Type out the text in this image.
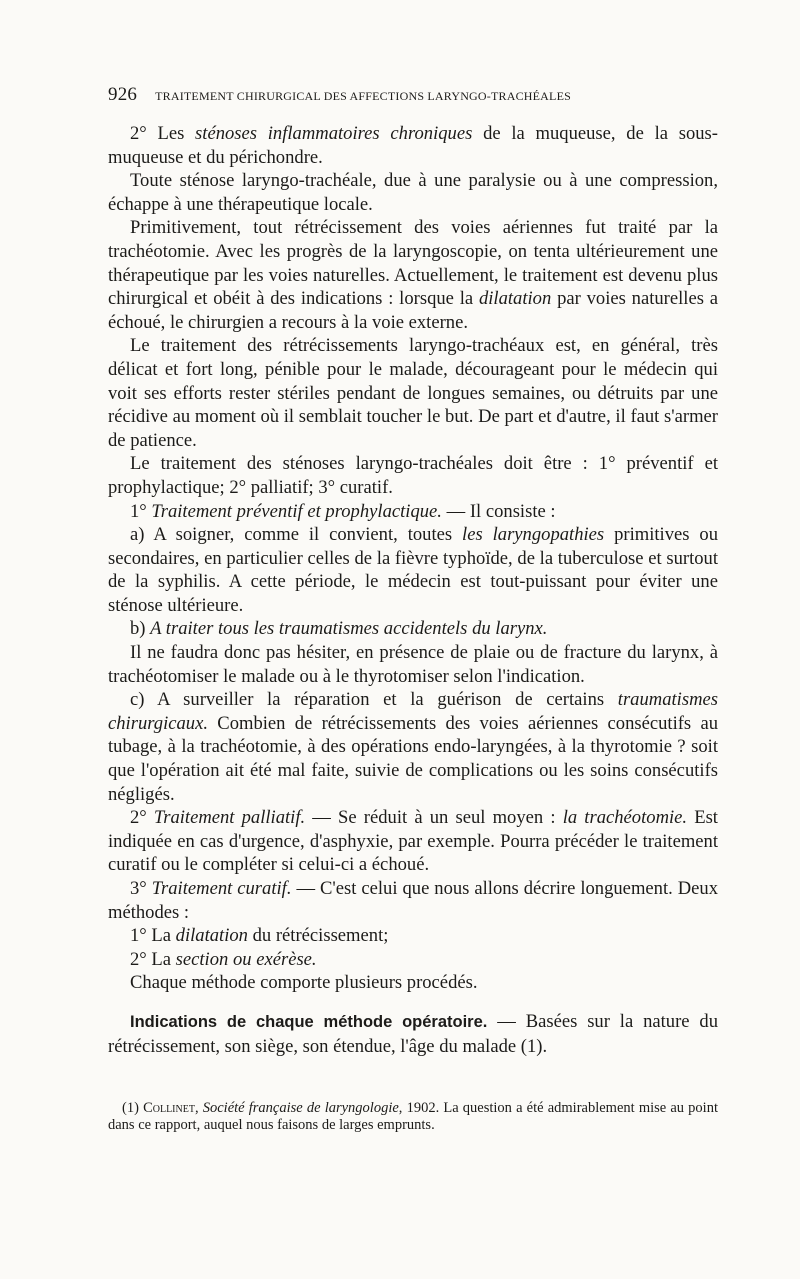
926 TRAITEMENT CHIRURGICAL DES AFFECTIONS LARYNGO-TRACHÉALES

2° Les sténoses inflammatoires chroniques de la muqueuse, de la sous-muqueuse et du périchondre.

Toute sténose laryngo-trachéale, due à une paralysie ou à une compression, échappe à une thérapeutique locale.

Primitivement, tout rétrécissement des voies aériennes fut traité par la trachéotomie. Avec les progrès de la laryngoscopie, on tenta ultérieurement une thérapeutique par les voies naturelles. Actuellement, le traitement est devenu plus chirurgical et obéit à des indications : lorsque la dilatation par voies naturelles a échoué, le chirurgien a recours à la voie externe.

Le traitement des rétrécissements laryngo-trachéaux est, en général, très délicat et fort long, pénible pour le malade, décourageant pour le médecin qui voit ses efforts rester stériles pendant de longues semaines, ou détruits par une récidive au moment où il semblait toucher le but. De part et d'autre, il faut s'armer de patience.

Le traitement des sténoses laryngo-trachéales doit être : 1° préventif et prophylactique; 2° palliatif; 3° curatif.

1° Traitement préventif et prophylactique. — Il consiste :

a) A soigner, comme il convient, toutes les laryngopathies primitives ou secondaires, en particulier celles de la fièvre typhoïde, de la tuberculose et surtout de la syphilis. A cette période, le médecin est tout-puissant pour éviter une sténose ultérieure.

b) A traiter tous les traumatismes accidentels du larynx.

Il ne faudra donc pas hésiter, en présence de plaie ou de fracture du larynx, à trachéotomiser le malade ou à le thyrotomiser selon l'indication.

c) A surveiller la réparation et la guérison de certains traumatismes chirurgicaux. Combien de rétrécissements des voies aériennes consécutifs au tubage, à la trachéotomie, à des opérations endo-laryngées, à la thyrotomie ? soit que l'opération ait été mal faite, suivie de complications ou les soins consécutifs négligés.

2° Traitement palliatif. — Se réduit à un seul moyen : la trachéotomie. Est indiquée en cas d'urgence, d'asphyxie, par exemple. Pourra précéder le traitement curatif ou le compléter si celui-ci a échoué.

3° Traitement curatif. — C'est celui que nous allons décrire longuement. Deux méthodes :

1° La dilatation du rétrécissement;

2° La section ou exérèse.

Chaque méthode comporte plusieurs procédés.

Indications de chaque méthode opératoire. — Basées sur la nature du rétrécissement, son siège, son étendue, l'âge du malade (1).

(1) Collinet, Société française de laryngologie, 1902. La question a été admirablement mise au point dans ce rapport, auquel nous faisons de larges emprunts.
